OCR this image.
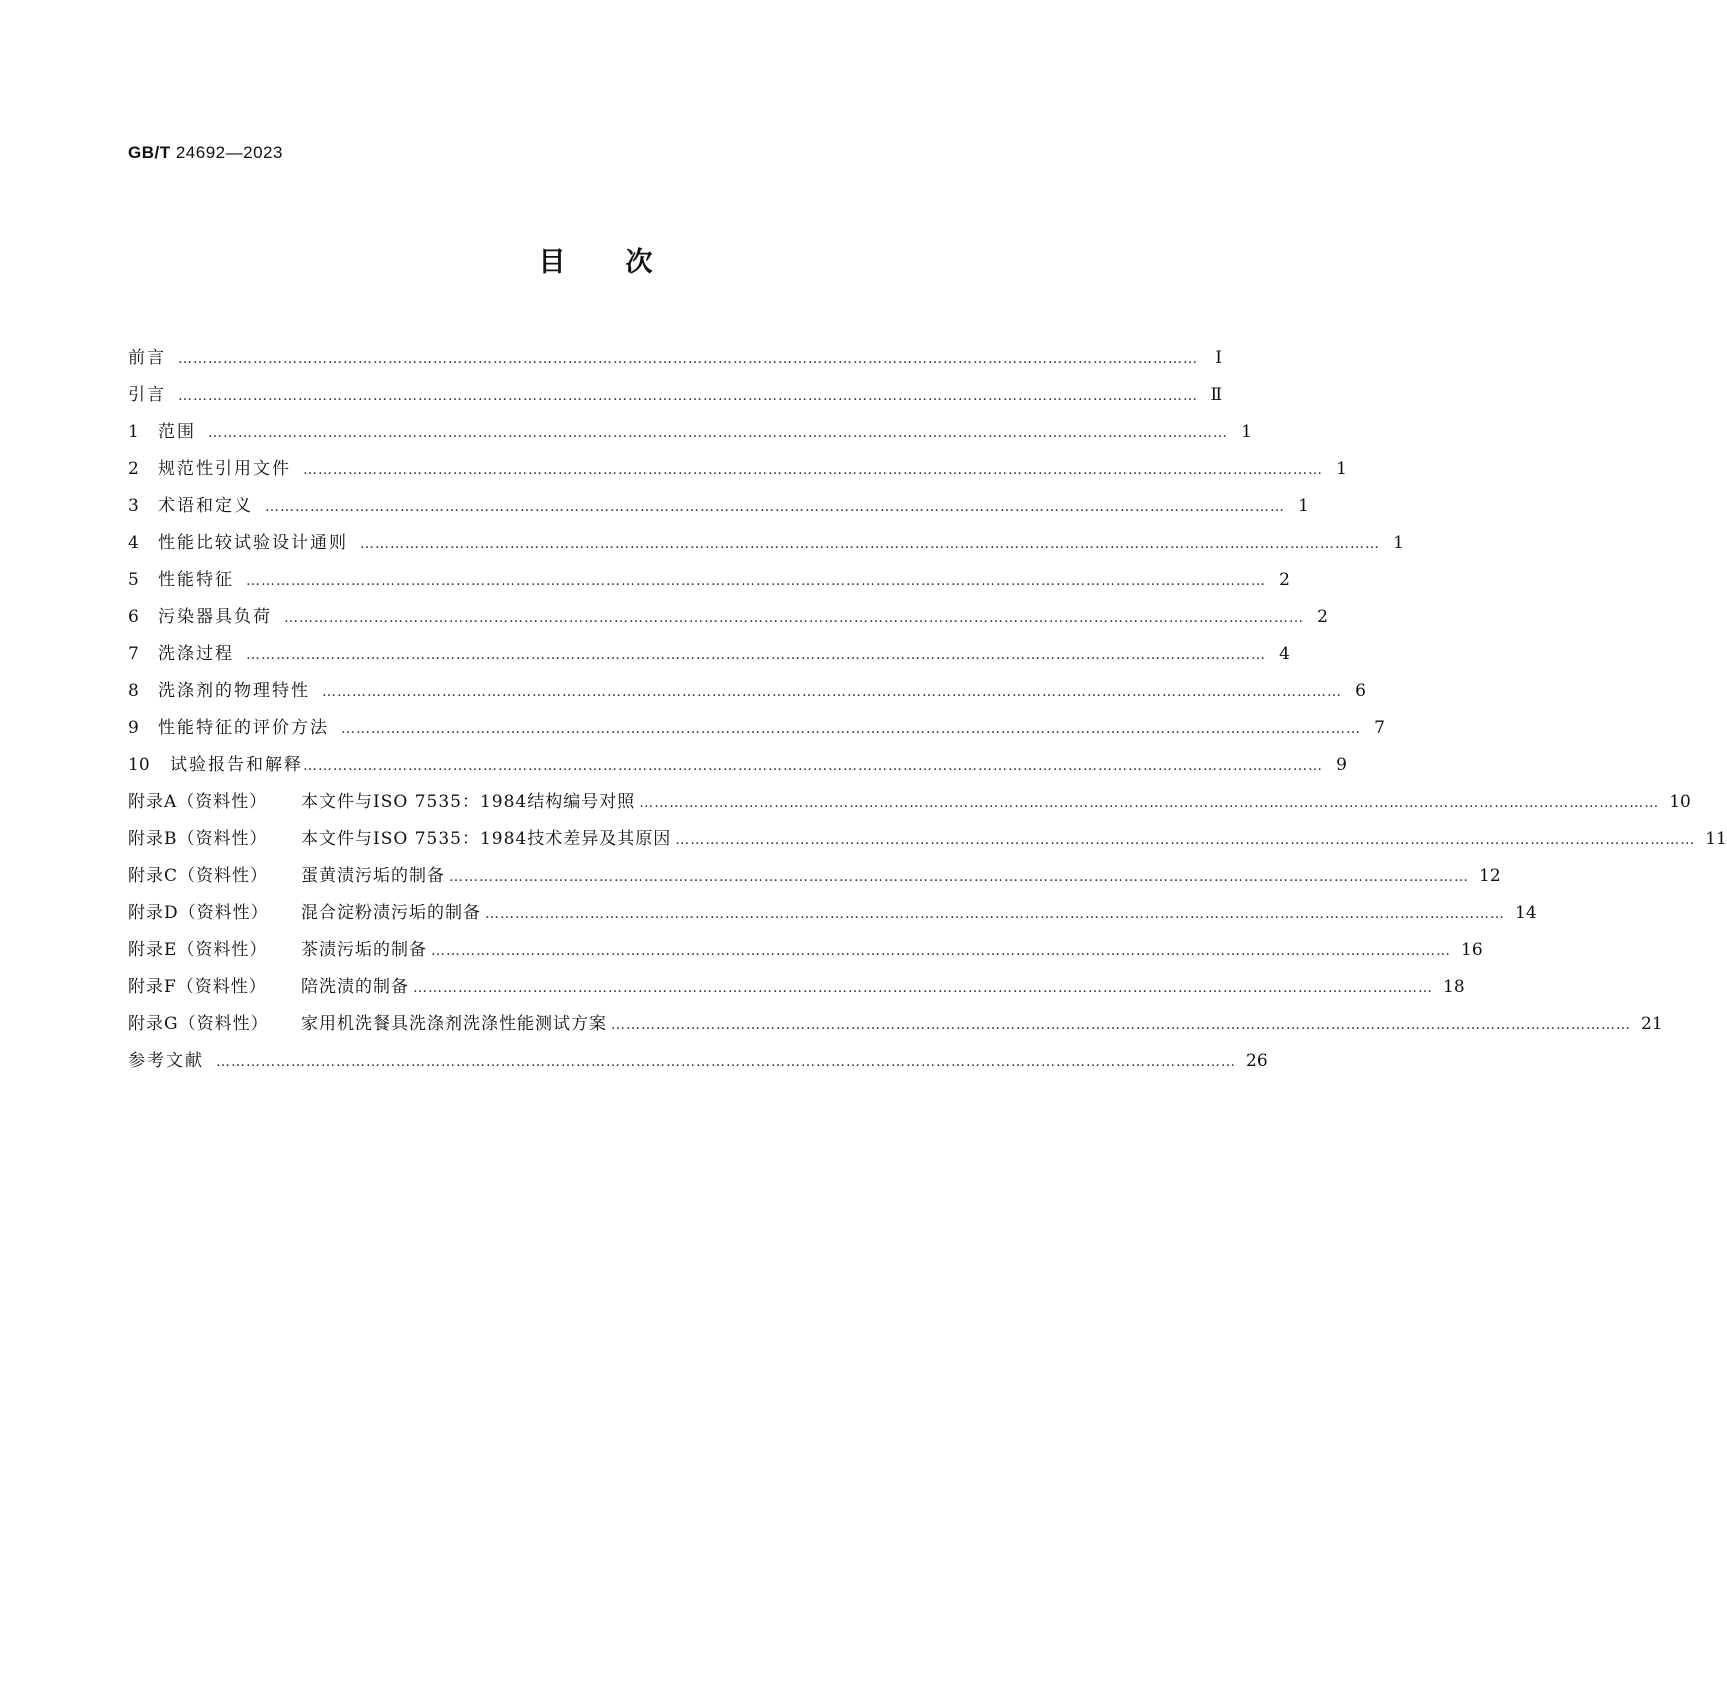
GB/T 24692—2023
目次
前言 ……………………………………………………………………………………………………………………………………………………………………………………	Ⅰ
引言 …………………………………………………………………………………………………………………………………………………………………………………… Ⅱ
1	范围 …………………………………………………………………………………………………………………………………………………………………………………… 1
2	规范性引用文件 …………………………………………………………………………………………………………………………………………………………………………………… 1
3	术语和定义 …………………………………………………………………………………………………………………………………………………………………………………… 1
4	性能比较试验设计通则 …………………………………………………………………………………………………………………………………………………………………………………… 1
5	性能特征 …………………………………………………………………………………………………………………………………………………………………………………… 2
6	污染器具负荷 …………………………………………………………………………………………………………………………………………………………………………………… 2
7	洗涤过程 …………………………………………………………………………………………………………………………………………………………………………………… 4
8	洗涤剂的物理特性 …………………………………………………………………………………………………………………………………………………………………………………… 6
9	性能特征的评价方法 …………………………………………………………………………………………………………………………………………………………………………………… 7
10	试验报告和解释 …………………………………………………………………………………………………………………………………………………………………………………… 9
附录A（资料性）	本文件与ISO 7535：1984结构编号对照 …………………………………………………………………………………………………………………………………………………………………………………… 10
附录B（资料性）	本文件与ISO 7535：1984技术差异及其原因 …………………………………………………………………………………………………………………………………………………………………………………… 11
附录C（资料性）	蛋黄渍污垢的制备 …………………………………………………………………………………………………………………………………………………………………………………… 12
附录D（资料性）	混合淀粉渍污垢的制备 …………………………………………………………………………………………………………………………………………………………………………………… 14
附录E（资料性）	茶渍污垢的制备 …………………………………………………………………………………………………………………………………………………………………………………… 16
附录F（资料性）	陪洗渍的制备 …………………………………………………………………………………………………………………………………………………………………………………… 18
附录G（资料性）	家用机洗餐具洗涤剂洗涤性能测试方案 …………………………………………………………………………………………………………………………………………………………………………………… 21
参考文献 …………………………………………………………………………………………………………………………………………………………………………………… 26
